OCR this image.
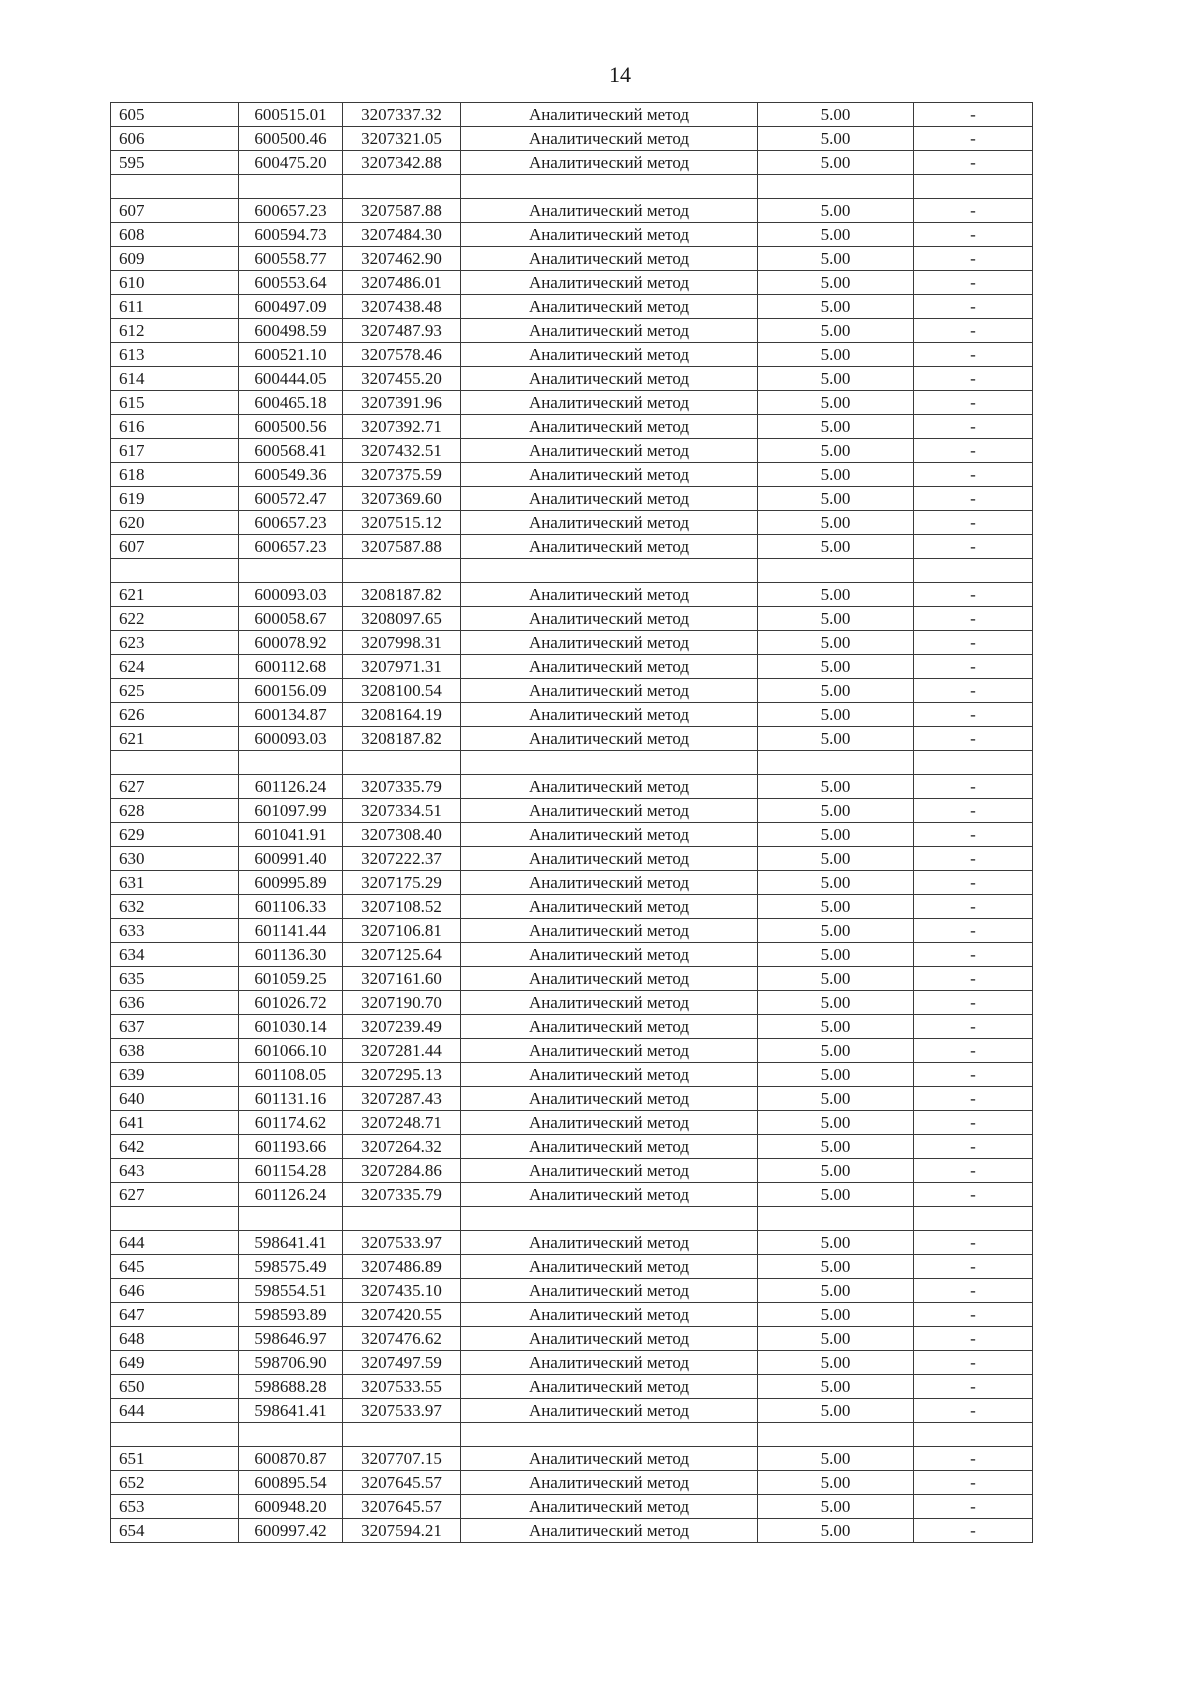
14
605	600515.01	3207337.32	Аналитический метод	5.00	-
606	600500.46	3207321.05	Аналитический метод	5.00	-
595	600475.20	3207342.88	Аналитический метод	5.00	-

607	600657.23	3207587.88	Аналитический метод	5.00	-
608	600594.73	3207484.30	Аналитический метод	5.00	-
609	600558.77	3207462.90	Аналитический метод	5.00	-
610	600553.64	3207486.01	Аналитический метод	5.00	-
611	600497.09	3207438.48	Аналитический метод	5.00	-
612	600498.59	3207487.93	Аналитический метод	5.00	-
613	600521.10	3207578.46	Аналитический метод	5.00	-
614	600444.05	3207455.20	Аналитический метод	5.00	-
615	600465.18	3207391.96	Аналитический метод	5.00	-
616	600500.56	3207392.71	Аналитический метод	5.00	-
617	600568.41	3207432.51	Аналитический метод	5.00	-
618	600549.36	3207375.59	Аналитический метод	5.00	-
619	600572.47	3207369.60	Аналитический метод	5.00	-
620	600657.23	3207515.12	Аналитический метод	5.00	-
607	600657.23	3207587.88	Аналитический метод	5.00	-

621	600093.03	3208187.82	Аналитический метод	5.00	-
622	600058.67	3208097.65	Аналитический метод	5.00	-
623	600078.92	3207998.31	Аналитический метод	5.00	-
624	600112.68	3207971.31	Аналитический метод	5.00	-
625	600156.09	3208100.54	Аналитический метод	5.00	-
626	600134.87	3208164.19	Аналитический метод	5.00	-
621	600093.03	3208187.82	Аналитический метод	5.00	-

627	601126.24	3207335.79	Аналитический метод	5.00	-
628	601097.99	3207334.51	Аналитический метод	5.00	-
629	601041.91	3207308.40	Аналитический метод	5.00	-
630	600991.40	3207222.37	Аналитический метод	5.00	-
631	600995.89	3207175.29	Аналитический метод	5.00	-
632	601106.33	3207108.52	Аналитический метод	5.00	-
633	601141.44	3207106.81	Аналитический метод	5.00	-
634	601136.30	3207125.64	Аналитический метод	5.00	-
635	601059.25	3207161.60	Аналитический метод	5.00	-
636	601026.72	3207190.70	Аналитический метод	5.00	-
637	601030.14	3207239.49	Аналитический метод	5.00	-
638	601066.10	3207281.44	Аналитический метод	5.00	-
639	601108.05	3207295.13	Аналитический метод	5.00	-
640	601131.16	3207287.43	Аналитический метод	5.00	-
641	601174.62	3207248.71	Аналитический метод	5.00	-
642	601193.66	3207264.32	Аналитический метод	5.00	-
643	601154.28	3207284.86	Аналитический метод	5.00	-
627	601126.24	3207335.79	Аналитический метод	5.00	-

644	598641.41	3207533.97	Аналитический метод	5.00	-
645	598575.49	3207486.89	Аналитический метод	5.00	-
646	598554.51	3207435.10	Аналитический метод	5.00	-
647	598593.89	3207420.55	Аналитический метод	5.00	-
648	598646.97	3207476.62	Аналитический метод	5.00	-
649	598706.90	3207497.59	Аналитический метод	5.00	-
650	598688.28	3207533.55	Аналитический метод	5.00	-
644	598641.41	3207533.97	Аналитический метод	5.00	-

651	600870.87	3207707.15	Аналитический метод	5.00	-
652	600895.54	3207645.57	Аналитический метод	5.00	-
653	600948.20	3207645.57	Аналитический метод	5.00	-
654	600997.42	3207594.21	Аналитический метод	5.00	-
